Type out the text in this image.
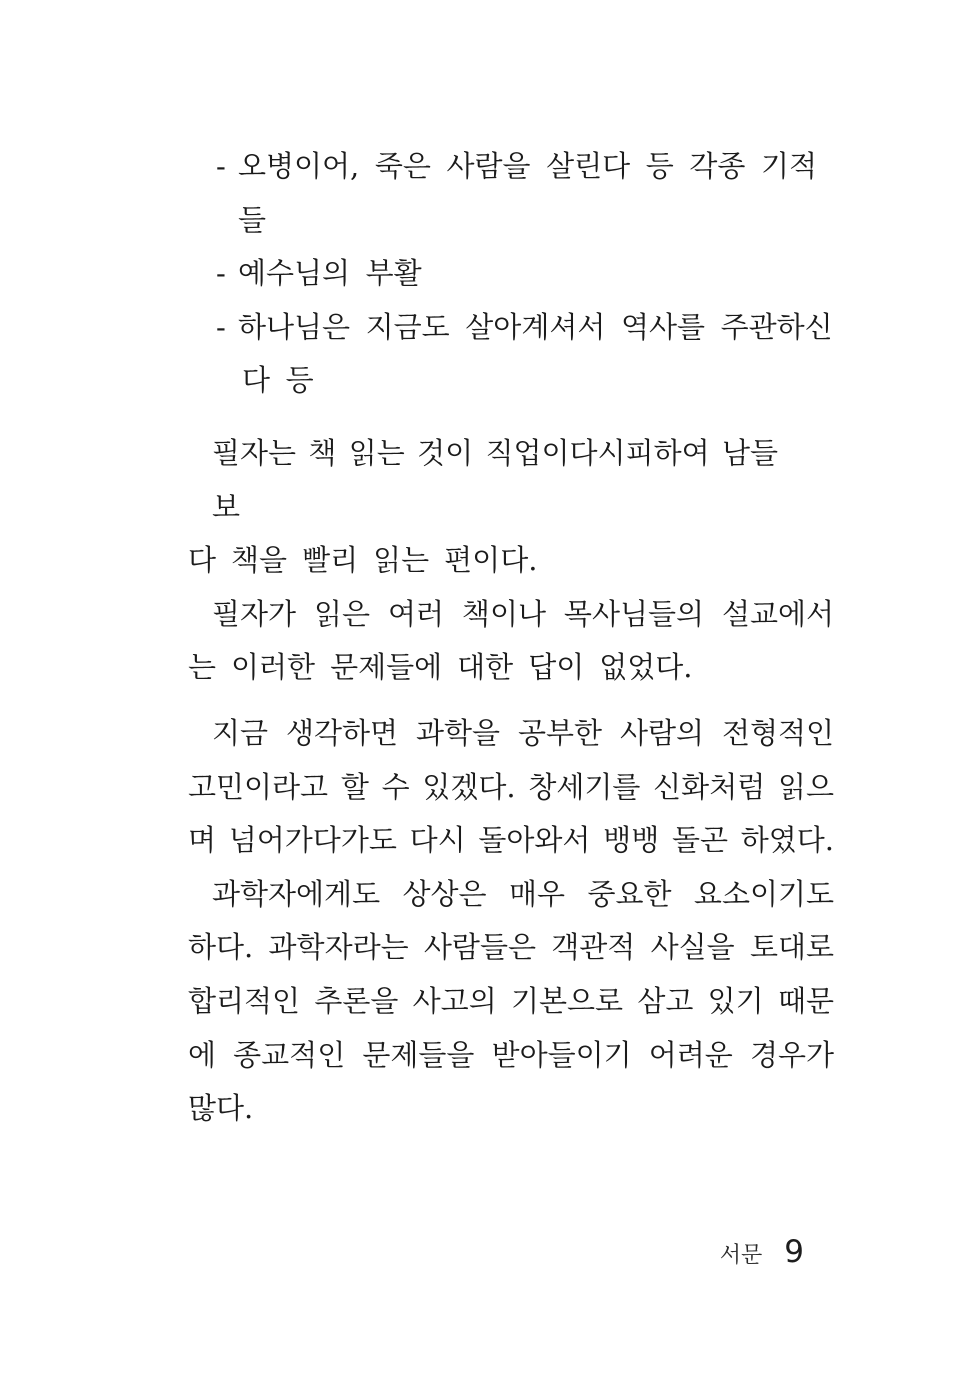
- 오병이어, 죽은 사람을 살린다 등 각종 기적들
- 예수님의 부활
- 하나님은 지금도 살아계셔서 역사를 주관하신
다 등
필자는 책 읽는 것이 직업이다시피하여 남들보
다 책을 빨리 읽는 편이다.
필자가 읽은 여러 책이나 목사님들의 설교에서
는 이러한 문제들에 대한 답이 없었다.
지금 생각하면 과학을 공부한 사람의 전형적인
고민이라고 할 수 있겠다. 창세기를 신화처럼 읽으
며 넘어가다가도 다시 돌아와서 뱅뱅 돌곤 하였다.
과학자에게도 상상은 매우 중요한 요소이기도
하다. 과학자라는 사람들은 객관적 사실을 토대로
합리적인 추론을 사고의 기본으로 삼고 있기 때문
에 종교적인 문제들을 받아들이기 어려운 경우가
많다.
서문 9
